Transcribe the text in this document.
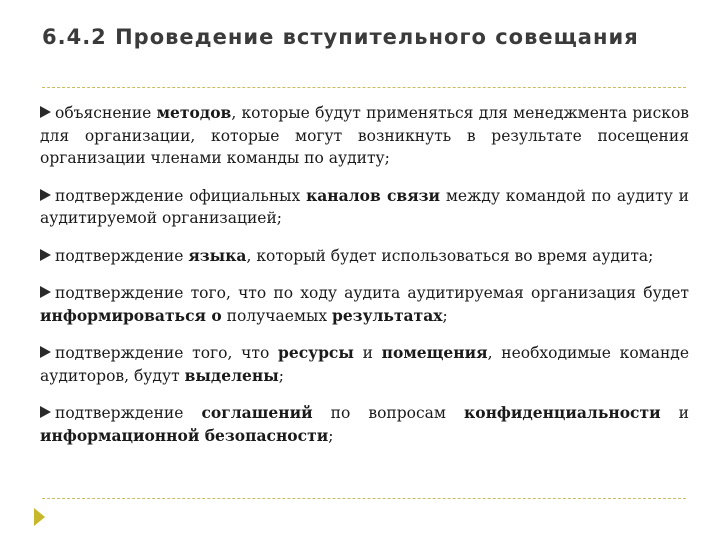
6.4.2 Проведение вступительного совещания
объяснение методов, которые будут применяться для менеджмента рисков для организации, которые могут возникнуть в результате посещения организации членами команды по аудиту;
подтверждение официальных каналов связи между командой по аудиту и аудитируемой организацией;
подтверждение языка, который будет использоваться во время аудита;
подтверждение того, что по ходу аудита аудитируемая организация будет информироваться о получаемых результатах;
подтверждение того, что ресурсы и помещения, необходимые команде аудиторов, будут выделены;
подтверждение соглашений по вопросам конфиденциальности и информационной безопасности;
